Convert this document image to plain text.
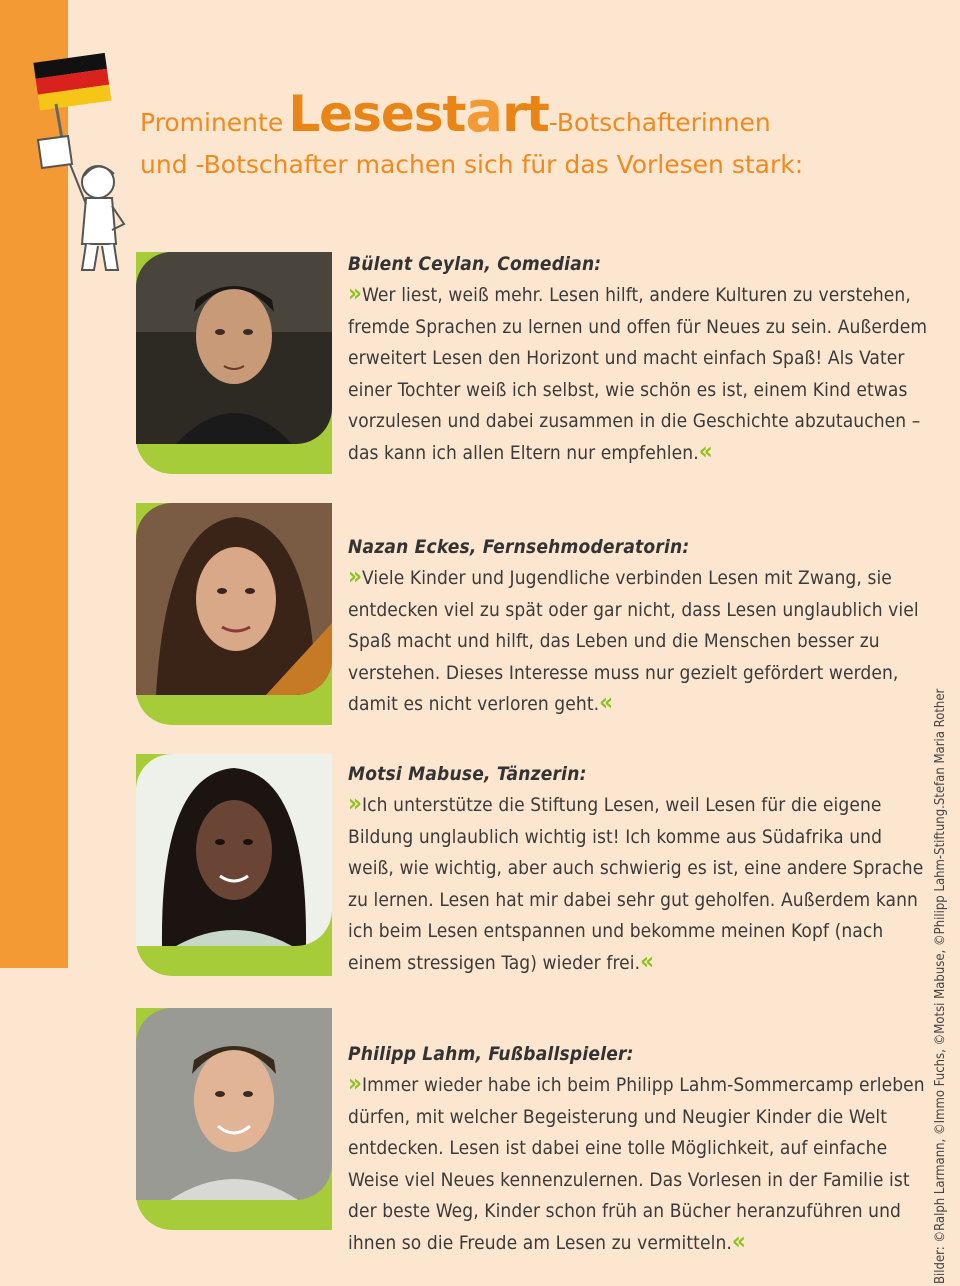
Prominente Lesestart-Botschafterinnen
und -Botschafter machen sich für das Vorlesen stark:
Bülent Ceylan, Comedian:

»Wer liest, weiß mehr. Lesen hilft, andere Kulturen zu verstehen, fremde Sprachen zu lernen und offen für Neues zu sein. Außerdem erweitert Lesen den Horizont und macht einfach Spaß! Als Vater einer Tochter weiß ich selbst, wie schön es ist, einem Kind etwas vorzulesen und dabei zusammen in die Geschichte abzutauchen – das kann ich allen Eltern nur empfehlen.«

Nazan Eckes, Fernsehmoderatorin:

»Viele Kinder und Jugendliche verbinden Lesen mit Zwang, sie entdecken viel zu spät oder gar nicht, dass Lesen unglaublich viel Spaß macht und hilft, das Leben und die Menschen besser zu verstehen. Dieses Interesse muss nur gezielt gefördert werden, damit es nicht verloren geht.«

Motsi Mabuse, Tänzerin:

»Ich unterstütze die Stiftung Lesen, weil Lesen für die eigene Bildung unglaublich wichtig ist! Ich komme aus Südafrika und weiß, wie wichtig, aber auch schwierig es ist, eine andere Sprache zu lernen. Lesen hat mir dabei sehr gut geholfen. Außerdem kann ich beim Lesen entspannen und bekomme meinen Kopf (nach einem stressigen Tag) wieder frei.«

Philipp Lahm, Fußballspieler:

»Immer wieder habe ich beim Philipp Lahm-Sommercamp erleben dürfen, mit welcher Begeisterung und Neugier Kinder die Welt entdecken. Lesen ist dabei eine tolle Möglichkeit, auf einfache Weise viel Neues kennenzulernen. Das Vorlesen in der Familie ist der beste Weg, Kinder schon früh an Bücher heranzuführen und ihnen so die Freude am Lesen zu vermitteln.«	Bilder: ©Ralph Larmann, ©Immo Fuchs, ©Motsi Mabuse, ©Philipp Lahm-Stiftung.Stefan Maria Rother
